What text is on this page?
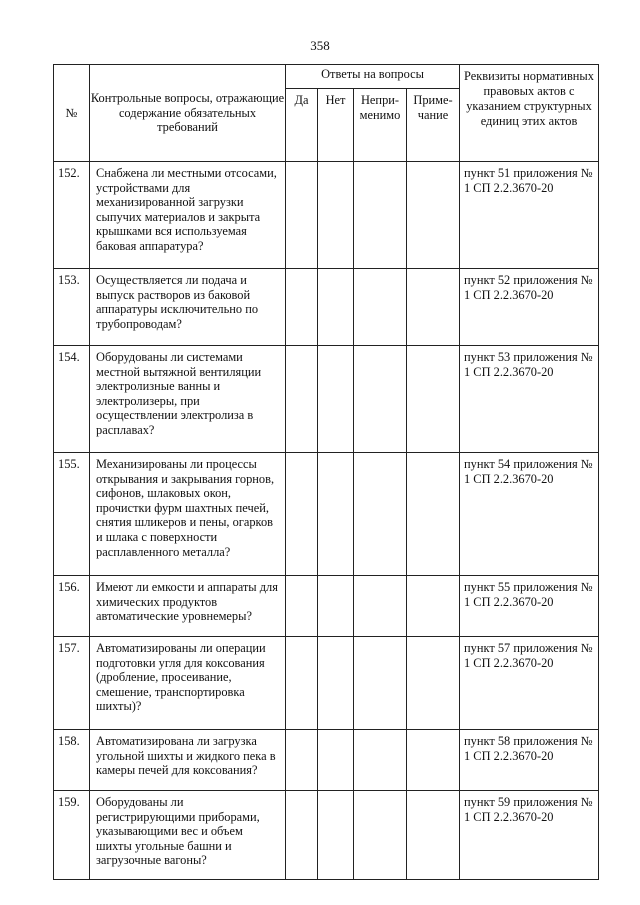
358
№	Контрольные вопросы, отражающие содержание обязательных требований	Ответы на вопросы				Реквизиты нормативных правовых актов с указанием структурных единиц этих актов
		Да	Нет	Непри-менимо	Приме-чание	
152.	Снабжена ли местными отсосами, устройствами для механизированной загрузки сыпучих материалов и закрыта крышками вся используемая баковая аппаратура?					пункт 51 приложения № 1 СП 2.2.3670-20
153.	Осуществляется ли подача и выпуск растворов из баковой аппаратуры исключительно по трубопроводам?					пункт 52 приложения № 1 СП 2.2.3670-20
154.	Оборудованы ли системами местной вытяжной вентиляции электролизные ванны и электролизеры, при осуществлении электролиза в расплавах?					пункт 53 приложения № 1 СП 2.2.3670-20
155.	Механизированы ли процессы открывания и закрывания горнов, сифонов, шлаковых окон, прочистки фурм шахтных печей, снятия шликеров и пены, огарков и шлака с поверхности расплавленного металла?					пункт 54 приложения № 1 СП 2.2.3670-20
156.	Имеют ли емкости и аппараты для химических продуктов автоматические уровнемеры?					пункт 55 приложения № 1 СП 2.2.3670-20
157.	Автоматизированы ли операции подготовки угля для коксования (дробление, просеивание, смешение, транспортировка шихты)?					пункт 57 приложения № 1 СП 2.2.3670-20
158.	Автоматизирована ли загрузка угольной шихты и жидкого пека в камеры печей для коксования?					пункт 58 приложения № 1 СП 2.2.3670-20
159.	Оборудованы ли регистрирующими приборами, указывающими вес и объем шихты угольные башни и загрузочные вагоны?					пункт 59 приложения № 1 СП 2.2.3670-20
